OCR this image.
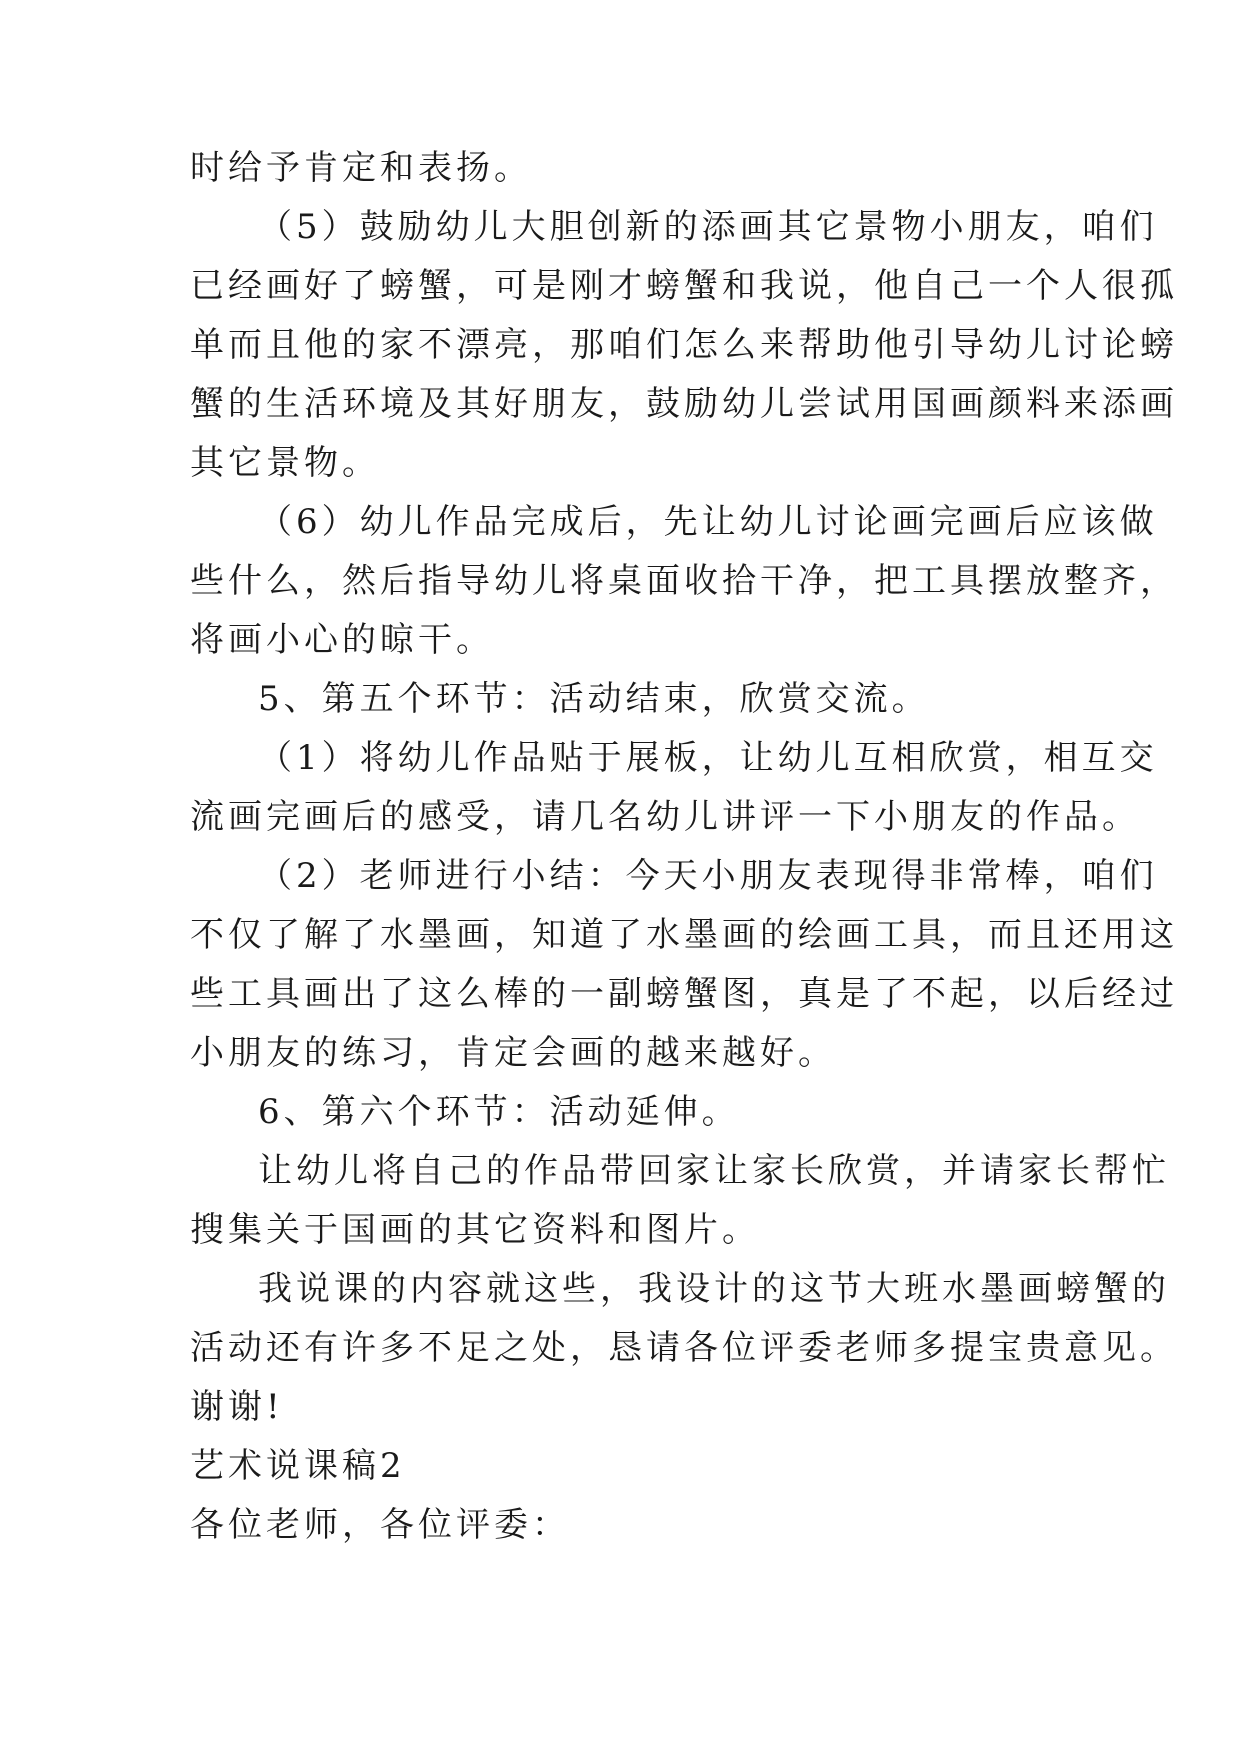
时给予肯定和表扬。
（5）鼓励幼儿大胆创新的添画其它景物小朋友，咱们
已经画好了螃蟹，可是刚才螃蟹和我说，他自己一个人很孤
单而且他的家不漂亮，那咱们怎么来帮助他引导幼儿讨论螃
蟹的生活环境及其好朋友，鼓励幼儿尝试用国画颜料来添画
其它景物。
（6）幼儿作品完成后，先让幼儿讨论画完画后应该做
些什么，然后指导幼儿将桌面收拾干净，把工具摆放整齐，
将画小心的晾干。
5、第五个环节：活动结束，欣赏交流。
（1）将幼儿作品贴于展板，让幼儿互相欣赏，相互交
流画完画后的感受，请几名幼儿讲评一下小朋友的作品。
（2）老师进行小结：今天小朋友表现得非常棒，咱们
不仅了解了水墨画，知道了水墨画的绘画工具，而且还用这
些工具画出了这么棒的一副螃蟹图，真是了不起，以后经过
小朋友的练习，肯定会画的越来越好。
6、第六个环节：活动延伸。
让幼儿将自己的作品带回家让家长欣赏，并请家长帮忙
搜集关于国画的其它资料和图片。
我说课的内容就这些，我设计的这节大班水墨画螃蟹的
活动还有许多不足之处，恳请各位评委老师多提宝贵意见。
谢谢!
艺术说课稿2
各位老师，各位评委：
